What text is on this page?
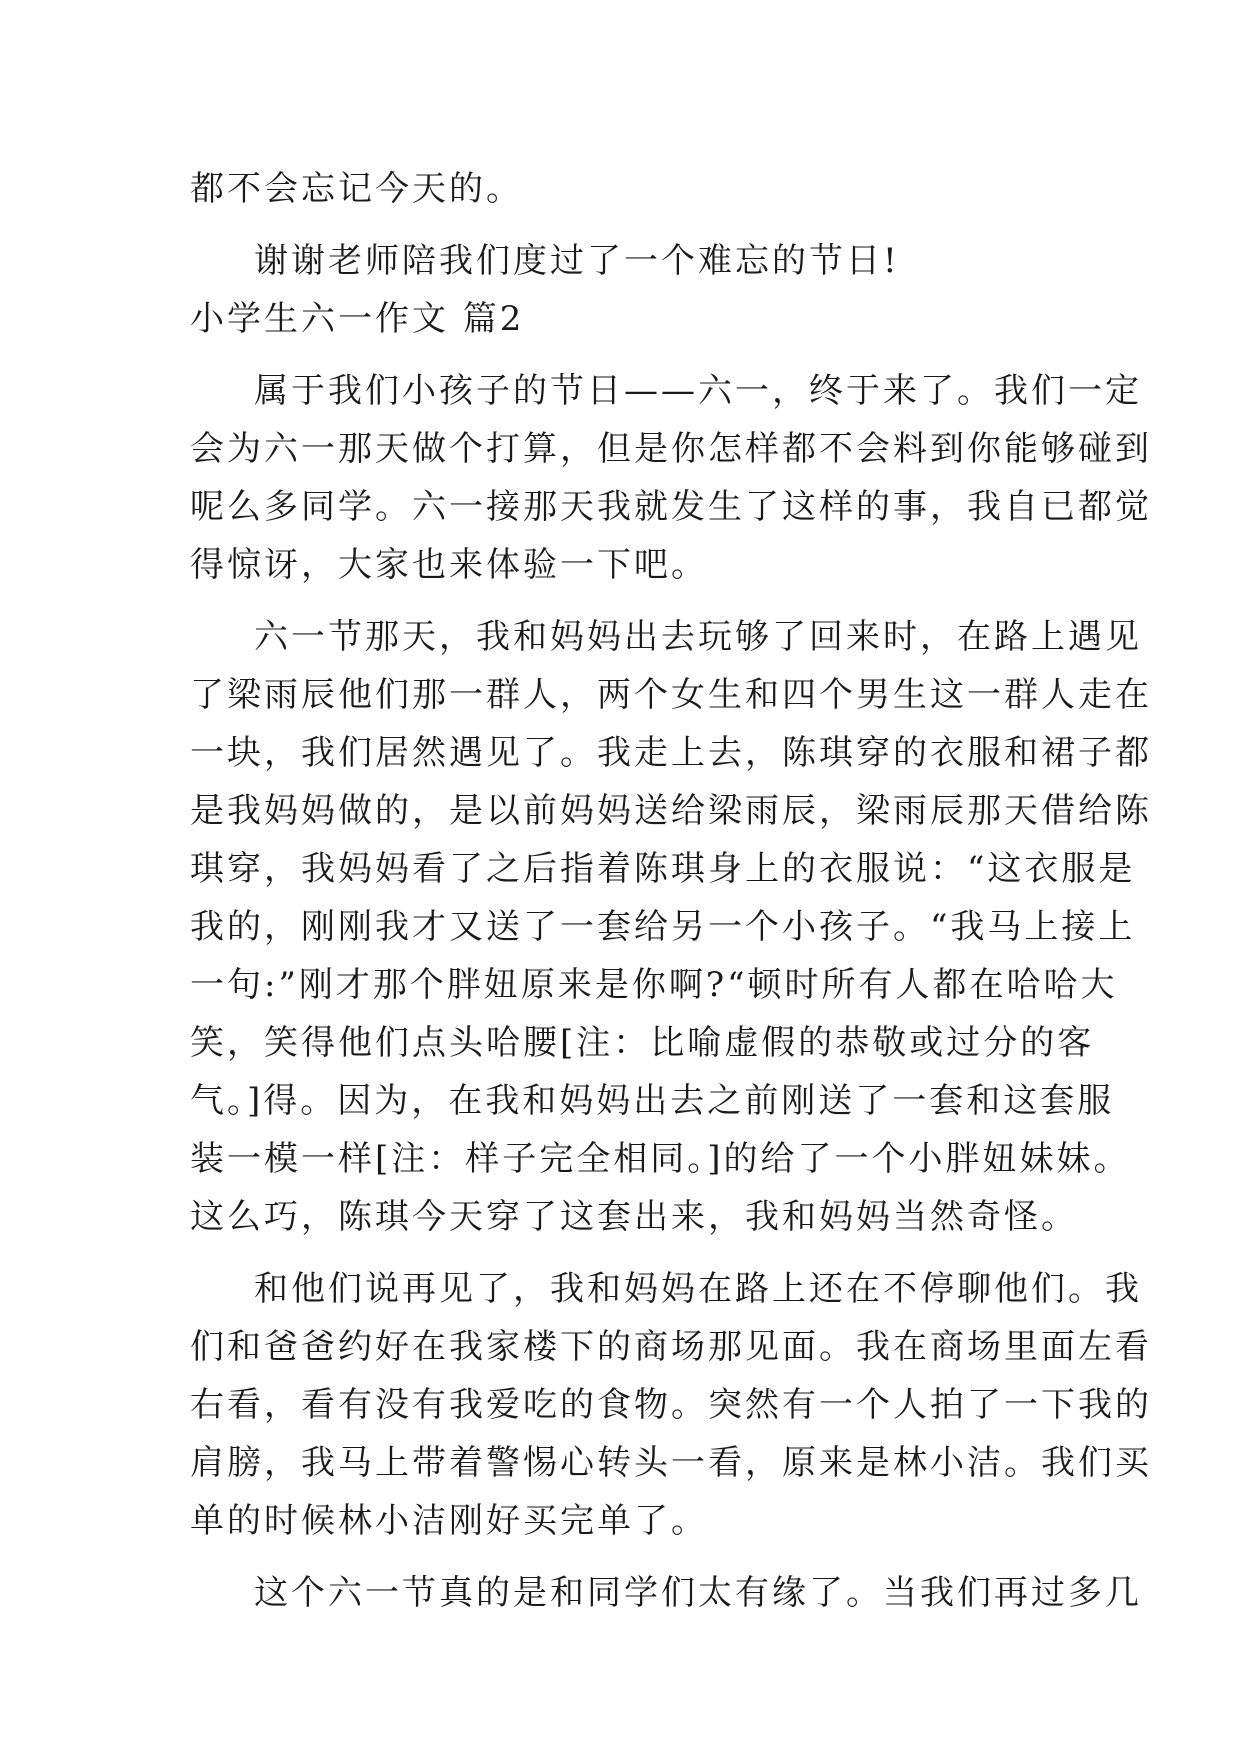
都不会忘记今天的。
谢谢老师陪我们度过了一个难忘的节日!
小学生六一作文 篇2
属于我们小孩子的节日——六一，终于来了。我们一定
会为六一那天做个打算，但是你怎样都不会料到你能够碰到
呢么多同学。六一接那天我就发生了这样的事，我自已都觉
得惊讶，大家也来体验一下吧。
六一节那天，我和妈妈出去玩够了回来时，在路上遇见
了梁雨辰他们那一群人，两个女生和四个男生这一群人走在
一块，我们居然遇见了。我走上去，陈琪穿的衣服和裙子都
是我妈妈做的，是以前妈妈送给梁雨辰，梁雨辰那天借给陈
琪穿，我妈妈看了之后指着陈琪身上的衣服说：“这衣服是
我的，刚刚我才又送了一套给另一个小孩子。“我马上接上
一句:”刚才那个胖妞原来是你啊?“顿时所有人都在哈哈大
笑，笑得他们点头哈腰[注：比喻虚假的恭敬或过分的客
气。]得。因为，在我和妈妈出去之前刚送了一套和这套服
装一模一样[注：样子完全相同。]的给了一个小胖妞妹妹。
这么巧，陈琪今天穿了这套出来，我和妈妈当然奇怪。
和他们说再见了，我和妈妈在路上还在不停聊他们。我
们和爸爸约好在我家楼下的商场那见面。我在商场里面左看
右看，看有没有我爱吃的食物。突然有一个人拍了一下我的
肩膀，我马上带着警惕心转头一看，原来是林小洁。我们买
单的时候林小洁刚好买完单了。
这个六一节真的是和同学们太有缘了。当我们再过多几
